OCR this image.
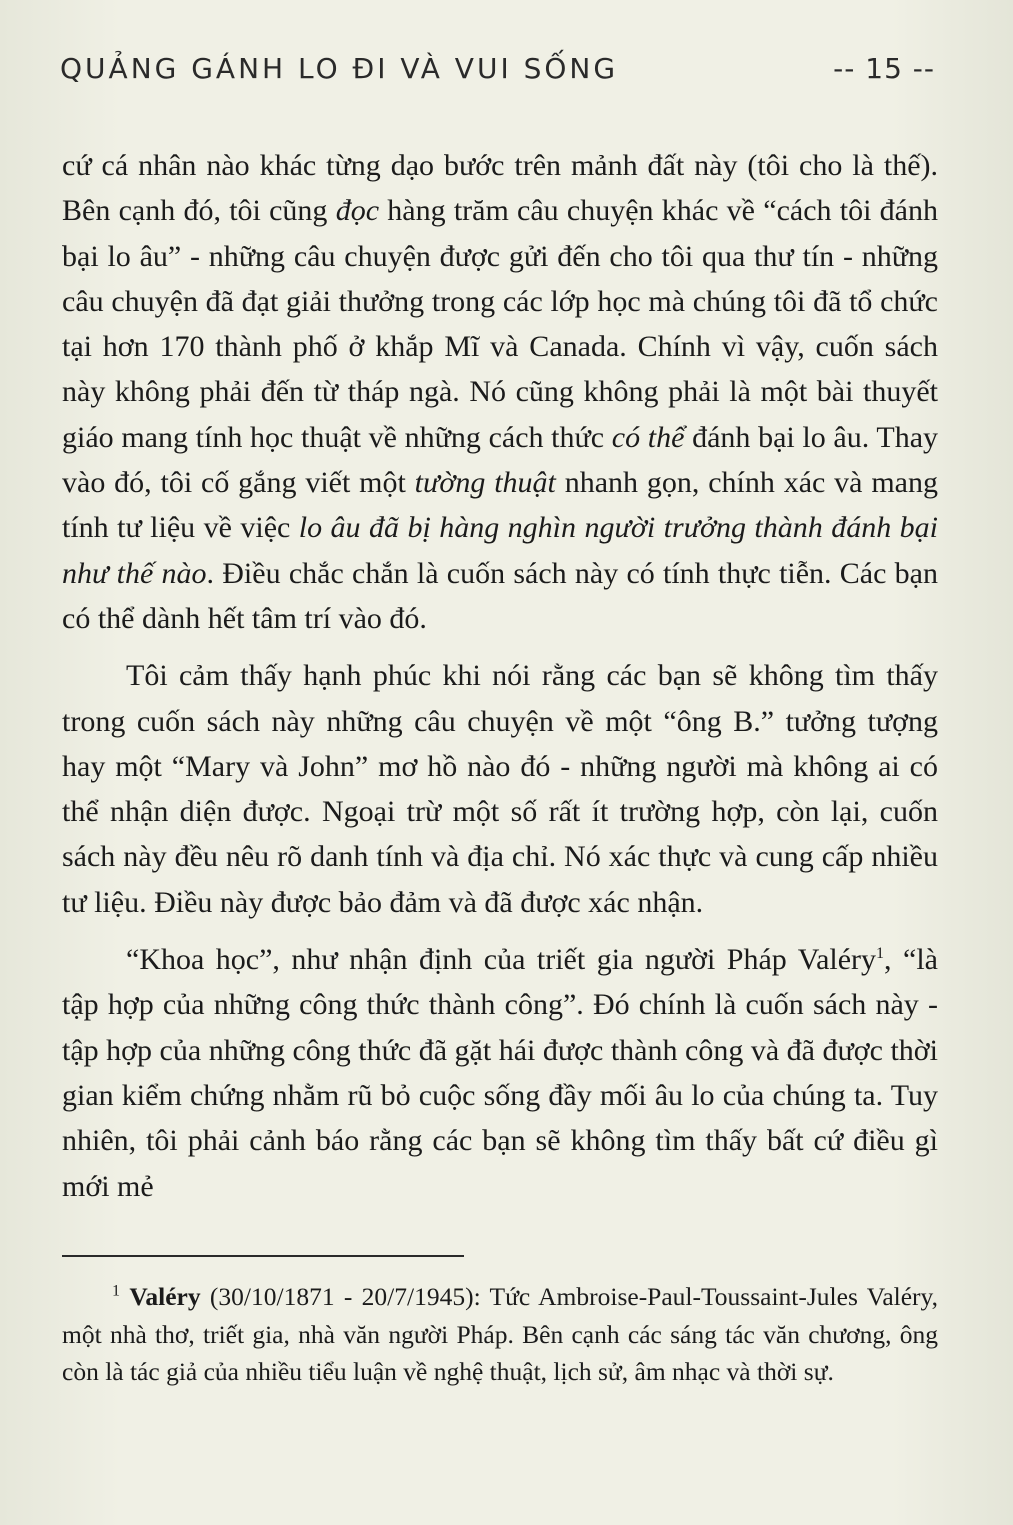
QUẢNG GÁNH LO ĐI VÀ VUI SỐNG	-- 15 --

cứ cá nhân nào khác từng dạo bước trên mảnh đất này (tôi cho là thế). Bên cạnh đó, tôi cũng đọc hàng trăm câu chuyện khác về “cách tôi đánh bại lo âu” - những câu chuyện được gửi đến cho tôi qua thư tín - những câu chuyện đã đạt giải thưởng trong các lớp học mà chúng tôi đã tổ chức tại hơn 170 thành phố ở khắp Mĩ và Canada. Chính vì vậy, cuốn sách này không phải đến từ tháp ngà. Nó cũng không phải là một bài thuyết giáo mang tính học thuật về những cách thức có thể đánh bại lo âu. Thay vào đó, tôi cố gắng viết một tường thuật nhanh gọn, chính xác và mang tính tư liệu về việc lo âu đã bị hàng nghìn người trưởng thành đánh bại như thế nào. Điều chắc chắn là cuốn sách này có tính thực tiễn. Các bạn có thể dành hết tâm trí vào đó.

Tôi cảm thấy hạnh phúc khi nói rằng các bạn sẽ không tìm thấy trong cuốn sách này những câu chuyện về một “ông B.” tưởng tượng hay một “Mary và John” mơ hồ nào đó - những người mà không ai có thể nhận diện được. Ngoại trừ một số rất ít trường hợp, còn lại, cuốn sách này đều nêu rõ danh tính và địa chỉ. Nó xác thực và cung cấp nhiều tư liệu. Điều này được bảo đảm và đã được xác nhận.

“Khoa học”, như nhận định của triết gia người Pháp Valéry$^1$, “là tập hợp của những công thức thành công”. Đó chính là cuốn sách này - tập hợp của những công thức đã gặt hái được thành công và đã được thời gian kiểm chứng nhằm rũ bỏ cuộc sống đầy mối âu lo của chúng ta. Tuy nhiên, tôi phải cảnh báo rằng các bạn sẽ không tìm thấy bất cứ điều gì mới mẻ

$^1$ Valéry (30/10/1871 - 20/7/1945): Tức Ambroise-Paul-Toussaint-Jules Valéry, một nhà thơ, triết gia, nhà văn người Pháp. Bên cạnh các sáng tác văn chương, ông còn là tác giả của nhiều tiểu luận về nghệ thuật, lịch sử, âm nhạc và thời sự.
